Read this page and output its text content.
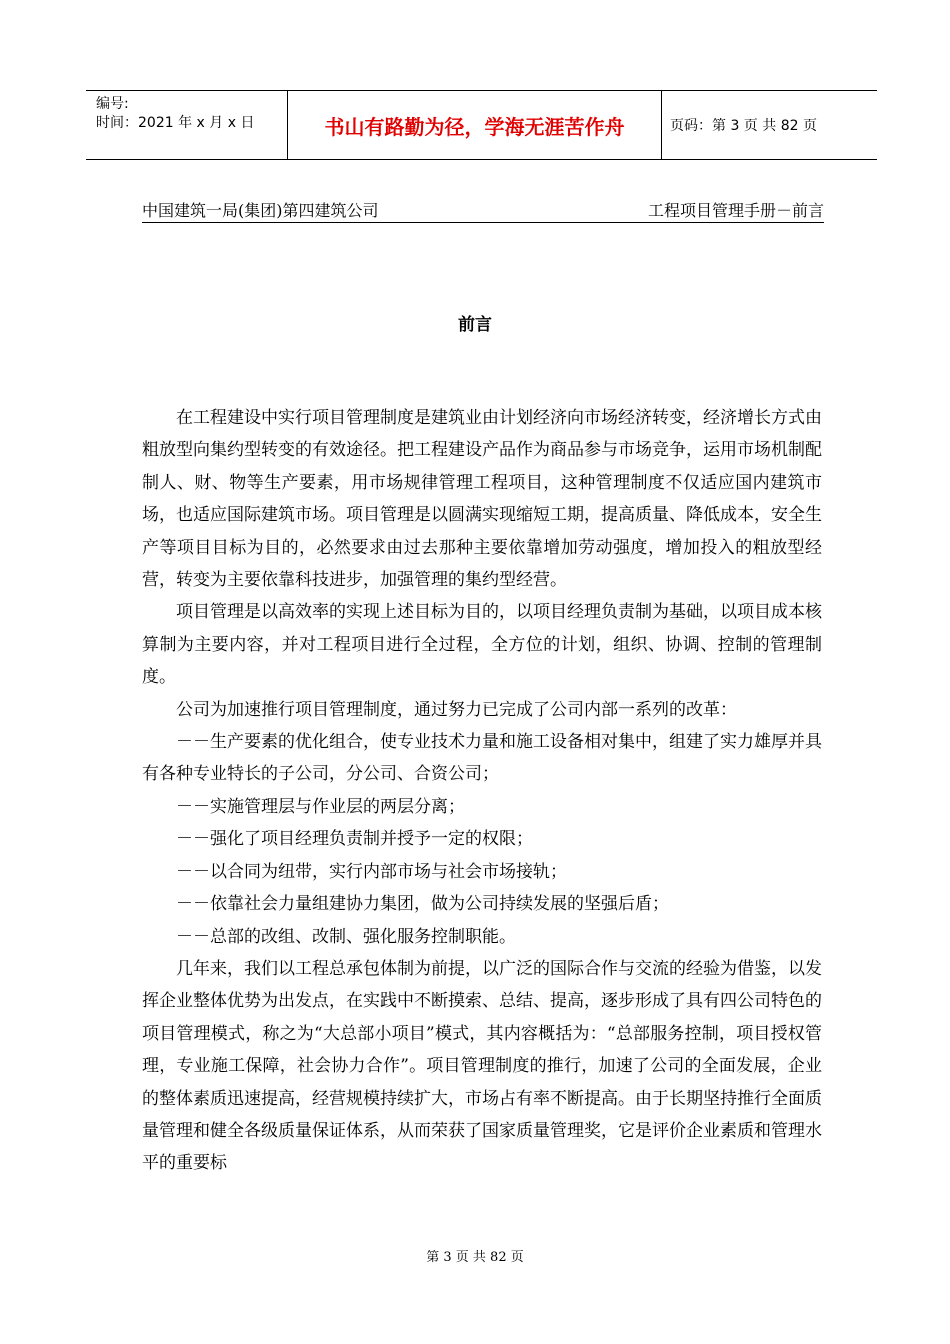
编号:
时间：2021 年 x 月 x 日	书山有路勤为径，学海无涯苦作舟	页码：第 3 页 共 82 页
中国建筑一局(集团)第四建筑公司	工程项目管理手册－前言
前言

在工程建设中实行项目管理制度是建筑业由计划经济向市场经济转变，经济增长方式由粗放型向集约型转变的有效途径。把工程建设产品作为商品参与市场竞争，运用市场机制配制人、财、物等生产要素，用市场规律管理工程项目，这种管理制度不仅适应国内建筑市场，也适应国际建筑市场。项目管理是以圆满实现缩短工期，提高质量、降低成本，安全生产等项目目标为目的，必然要求由过去那种主要依靠增加劳动强度，增加投入的粗放型经营，转变为主要依靠科技进步，加强管理的集约型经营。

项目管理是以高效率的实现上述目标为目的，以项目经理负责制为基础，以项目成本核算制为主要内容，并对工程项目进行全过程，全方位的计划，组织、协调、控制的管理制度。

公司为加速推行项目管理制度，通过努力已完成了公司内部一系列的改革：

－－生产要素的优化组合，使专业技术力量和施工设备相对集中，组建了实力雄厚并具有各种专业特长的子公司，分公司、合资公司；

－－实施管理层与作业层的两层分离；

－－强化了项目经理负责制并授予一定的权限；

－－以合同为纽带，实行内部市场与社会市场接轨；

－－依靠社会力量组建协力集团，做为公司持续发展的坚强后盾；

－－总部的改组、改制、强化服务控制职能。

几年来，我们以工程总承包体制为前提，以广泛的国际合作与交流的经验为借鉴，以发挥企业整体优势为出发点，在实践中不断摸索、总结、提高，逐步形成了具有四公司特色的项目管理模式，称之为“大总部小项目”模式，其内容概括为：“总部服务控制，项目授权管理，专业施工保障，社会协力合作”。项目管理制度的推行，加速了公司的全面发展，企业的整体素质迅速提高，经营规模持续扩大，市场占有率不断提高。由于长期坚持推行全面质量管理和健全各级质量保证体系，从而荣获了国家质量管理奖，它是评价企业素质和管理水平的重要标

第 3 页 共 82 页
